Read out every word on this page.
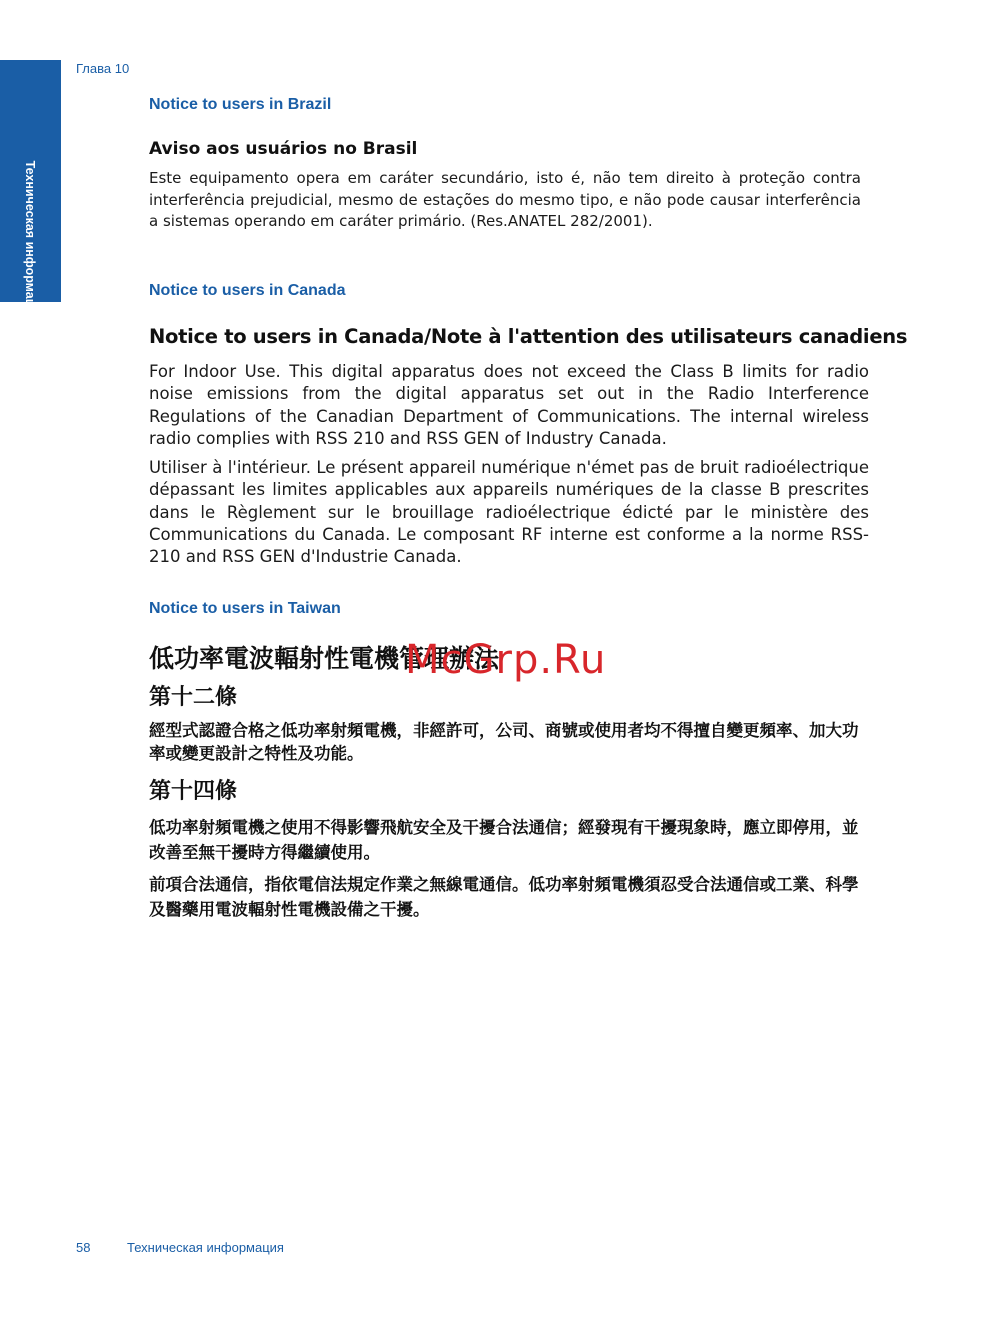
Техническая информация
Глава 10
Notice to users in Brazil
Aviso aos usuários no Brasil
Este equipamento opera em caráter secundário, isto é, não tem direito à proteção contra interferência prejudicial, mesmo de estações do mesmo tipo, e não pode causar interferência a sistemas operando em caráter primário. (Res.ANATEL 282/2001).
Notice to users in Canada
Notice to users in Canada/Note à l'attention des utilisateurs canadiens
For Indoor Use. This digital apparatus does not exceed the Class B limits for radio noise emissions from the digital apparatus set out in the Radio Interference Regulations of the Canadian Department of Communications. The internal wireless radio complies with RSS 210 and RSS GEN of Industry Canada.
Utiliser à l'intérieur. Le présent appareil numérique n'émet pas de bruit radioélectrique dépassant les limites applicables aux appareils numériques de la classe B prescrites dans le Règlement sur le brouillage radioélectrique édicté par le ministère des Communications du Canada. Le composant RF interne est conforme a la norme RSS-210 and RSS GEN d'Industrie Canada.
Notice to users in Taiwan
低功率電波輻射性電機管理辦法
第十二條
經型式認證合格之低功率射頻電機，非經許可，公司、商號或使用者均不得擅自變更頻率、加大功率或變更設計之特性及功能。
第十四條
低功率射頻電機之使用不得影響飛航安全及干擾合法通信；經發現有干擾現象時，應立即停用，並改善至無干擾時方得繼續使用。
前項合法通信，指依電信法規定作業之無線電通信。低功率射頻電機須忍受合法通信或工業、科學及醫藥用電波輻射性電機設備之干擾。
McGrp.Ru
58	Техническая информация
